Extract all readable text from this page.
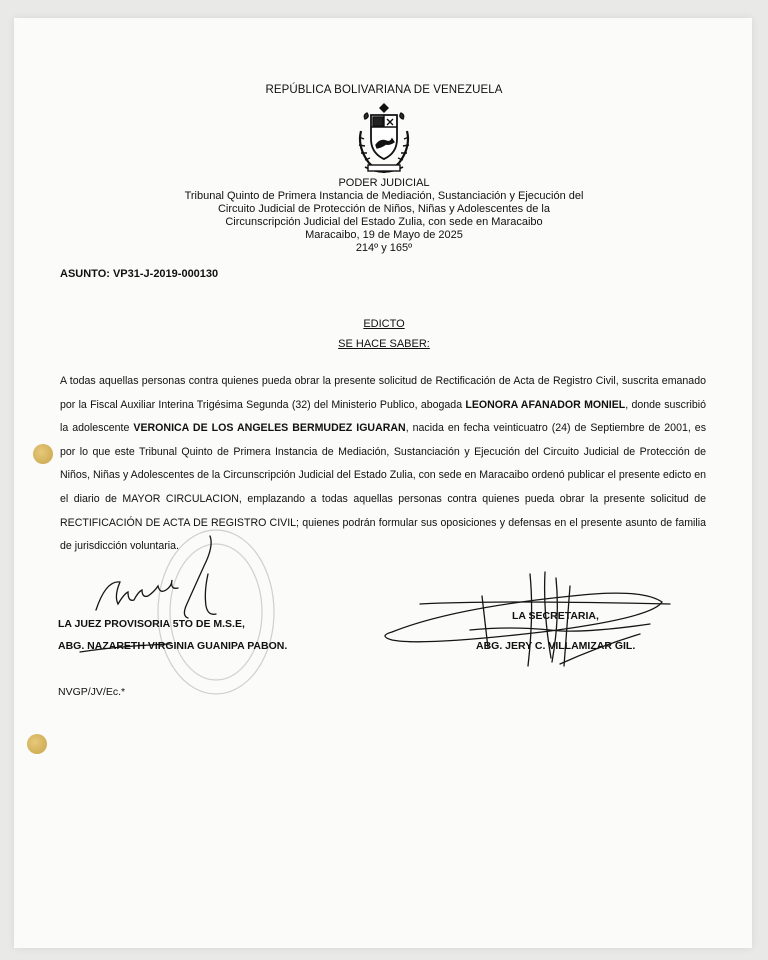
REPÚBLICA BOLIVARIANA DE VENEZUELA
PODER JUDICIAL
Tribunal Quinto de Primera Instancia de Mediación, Sustanciación y Ejecución del
Circuito Judicial de Protección de Niños, Niñas y Adolescentes de la
Circunscripción Judicial del Estado Zulia, con sede en Maracaibo
Maracaibo, 19 de Mayo de 2025
214º y 165º
ASUNTO: VP31-J-2019-000130
EDICTO
SE HACE SABER:
A todas aquellas personas contra quienes pueda obrar la presente solicitud de Rectificación de Acta de Registro Civil, suscrita emanado por la Fiscal Auxiliar Interina Trigésima Segunda (32) del Ministerio Publico, abogada LEONORA AFANADOR MONIEL, donde suscribió la adolescente VERONICA DE LOS ANGELES BERMUDEZ IGUARAN, nacida en fecha veinticuatro (24) de Septiembre de 2001, es por lo que este Tribunal Quinto de Primera Instancia de Mediación, Sustanciación y Ejecución del Circuito Judicial de Protección de Niños, Niñas y Adolescentes de la Circunscripción Judicial del Estado Zulia, con sede en Maracaibo ordenó publicar el presente edicto en el diario de MAYOR CIRCULACION, emplazando a todas aquellas personas contra quienes pueda obrar la presente solicitud de RECTIFICACIÓN DE ACTA DE REGISTRO CIVIL; quienes podrán formular sus oposiciones y defensas en el presente asunto de familia de jurisdicción voluntaria.
LA JUEZ PROVISORIA 5TO DE M.S.E,
ABG. NAZARETH VIRGINIA GUANIPA PABON.
LA SECRETARIA,
ABG. JERY C. VILLAMIZAR GIL.
NVGP/JV/Ec.*
